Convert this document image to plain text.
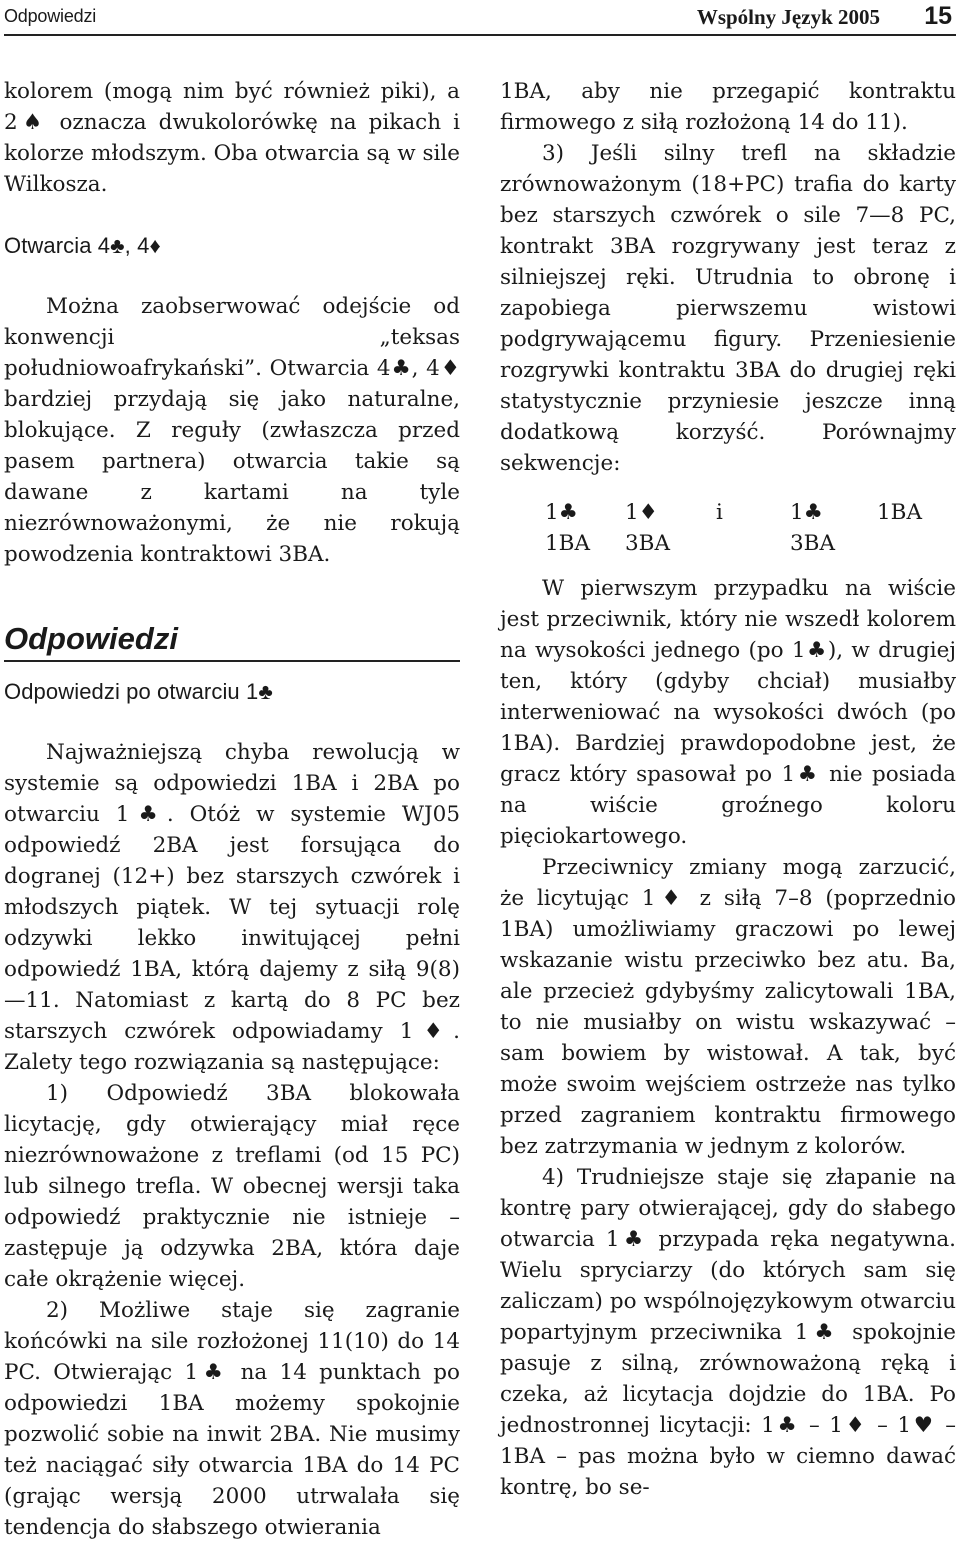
Odpowiedzi	Wspólny Język 2005 15

kolorem (mogą nim być również piki), a 2♠ oznacza dwukolorówkę na pikach i kolorze młodszym. Oba otwarcia są w sile Wilkosza.

Otwarcia 4♣, 4♦

Można zaobserwować odejście od konwencji „teksas południowoafrykański”. Otwarcia 4♣, 4♦ bardziej przydają się jako naturalne, blokujące. Z reguły (zwłaszcza przed pasem partnera) otwarcia takie są dawane z kartami na tyle niezrównoważonymi, że nie rokują powodzenia kontraktowi 3BA.

Odpowiedzi

Odpowiedzi po otwarciu 1♣

Najważniejszą chyba rewolucją w systemie są odpowiedzi 1BA i 2BA po otwarciu 1♣. Otóż w systemie WJ05 odpowiedź 2BA jest forsująca do dogranej (12+) bez starszych czwórek i młodszych piątek. W tej sytuacji rolę odzywki lekko inwitującej pełni odpowiedź 1BA, którą dajemy z siłą 9(8)—11. Natomiast z kartą do 8 PC bez starszych czwórek odpowiadamy 1♦. Zalety tego rozwiązania są następujące:

1) Odpowiedź 3BA blokowała licytację, gdy otwierający miał ręce niezrównoważone z treflami (od 15 PC) lub silnego trefla. W obecnej wersji taka odpowiedź praktycznie nie istnieje – zastępuje ją odzywka 2BA, która daje całe okrążenie więcej.

2) Możliwe staje się zagranie końcówki na sile rozłożonej 11(10) do 14 PC. Otwierając 1♣ na 14 punktach po odpowiedzi 1BA możemy spokojnie pozwolić sobie na inwit 2BA. Nie musimy też naciągać siły otwarcia 1BA do 14 PC (grając wersją 2000 utrwalała się tendencja do słabszego otwierania

1BA, aby nie przegapić kontraktu firmowego z siłą rozłożoną 14 do 11).

3) Jeśli silny trefl na składzie zrównoważonym (18+PC) trafia do karty bez starszych czwórek o sile 7—8 PC, kontrakt 3BA rozgrywany jest teraz z silniejszej ręki. Utrudnia to obronę i zapobiega pierwszemu wistowi podgrywającemu figury. Przeniesienie rozgrywki kontraktu 3BA do drugiej ręki statystycznie przyniesie jeszcze inną dodatkową korzyść. Porównajmy sekwencje:

1♣ 1♦	i	1♣	1BA
1BA 3BA	3BA

W pierwszym przypadku na wiście jest przeciwnik, który nie wszedł kolorem na wysokości jednego (po 1♣), w drugiej ten, który (gdyby chciał) musiałby interweniować na wysokości dwóch (po 1BA). Bardziej prawdopodobne jest, że gracz który spasował po 1♣ nie posiada na wiście groźnego koloru pięciokartowego.

Przeciwnicy zmiany mogą zarzucić, że licytując 1♦ z siłą 7–8 (poprzednio 1BA) umożliwiamy graczowi po lewej wskazanie wistu przeciwko bez atu. Ba, ale przecież gdybyśmy zalicytowali 1BA, to nie musiałby on wistu wskazywać – sam bowiem by wistował. A tak, być może swoim wejściem ostrzeże nas tylko przed zagraniem kontraktu firmowego bez zatrzymania w jednym z kolorów.

4) Trudniejsze staje się złapanie na kontrę pary otwierającej, gdy do słabego otwarcia 1♣ przypada ręka negatywna. Wielu spryciarzy (do których sam się zaliczam) po wspólnojęzykowym otwarciu popartyjnym przeciwnika 1♣ spokojnie pasuje z silną, zrównoważoną ręką i czeka, aż licytacja dojdzie do 1BA. Po jednostronnej licytacji: 1♣ – 1♦ – 1♥ – 1BA – pas można było w ciemno dawać kontrę, bo se-
